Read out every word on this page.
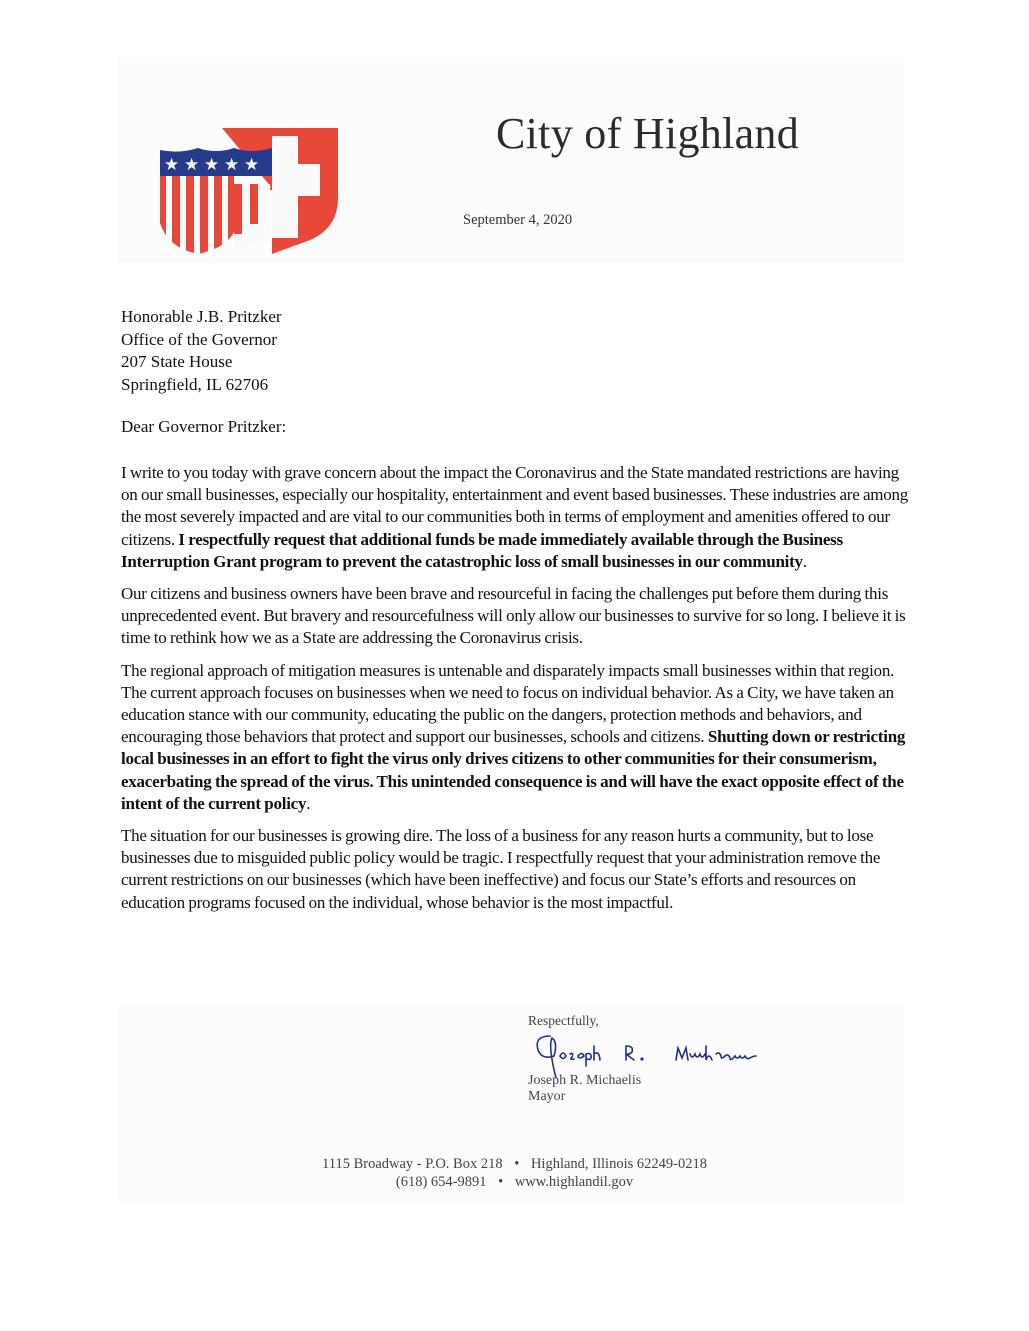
★ ★ ★ ★ ★
City of Highland
September 4, 2020
Honorable J.B. Pritzker
Office of the Governor
207 State House
Springfield, IL 62706
Dear Governor Pritzker:

I write to you today with grave concern about the impact the Coronavirus and the State mandated restrictions are having on our small businesses, especially our hospitality, entertainment and event based businesses. These industries are among the most severely impacted and are vital to our communities both in terms of employment and amenities offered to our citizens. I respectfully request that additional funds be made immediately available through the Business Interruption Grant program to prevent the catastrophic loss of small businesses in our community.

Our citizens and business owners have been brave and resourceful in facing the challenges put before them during this unprecedented event. But bravery and resourcefulness will only allow our businesses to survive for so long. I believe it is time to rethink how we as a State are addressing the Coronavirus crisis.

The regional approach of mitigation measures is untenable and disparately impacts small businesses within that region. The current approach focuses on businesses when we need to focus on individual behavior. As a City, we have taken an education stance with our community, educating the public on the dangers, protection methods and behaviors, and encouraging those behaviors that protect and support our businesses, schools and citizens. Shutting down or restricting local businesses in an effort to fight the virus only drives citizens to other communities for their consumerism, exacerbating the spread of the virus. This unintended consequence is and will have the exact opposite effect of the intent of the current policy.

The situation for our businesses is growing dire. The loss of a business for any reason hurts a community, but to lose businesses due to misguided public policy would be tragic. I respectfully request that your administration remove the current restrictions on our businesses (which have been ineffective) and focus our State’s efforts and resources on education programs focused on the individual, whose behavior is the most impactful.

Respectfully,
Joseph R. Michaelis
Mayor
1115 Broadway - P.O. Box 218 • Highland, Illinois 62249-0218
(618) 654-9891 • www.highlandil.gov
